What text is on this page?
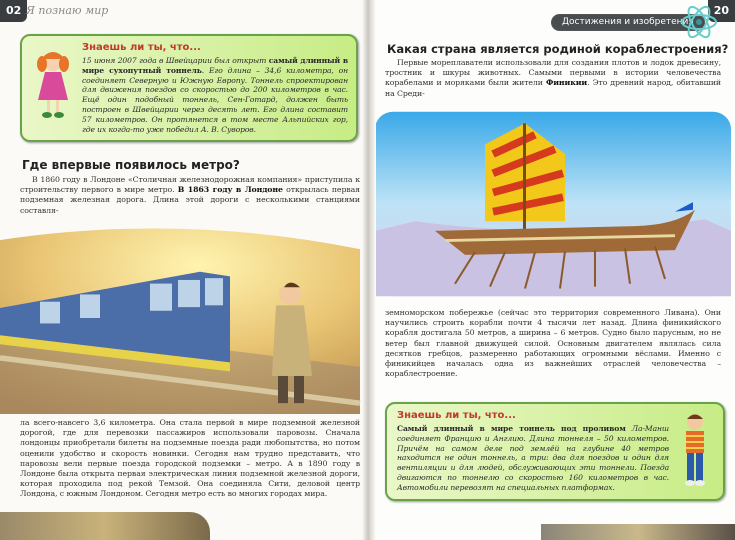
02 Я познаю мир
Знаешь ли ты, что...

15 июня 2007 года в Швейцарии был открыт самый длинный в мире сухопутный тоннель. Его длина – 34,6 километра, он соединяет Северную и Южную Европу. Тоннель спроектирован для движения поездов со скоростью до 200 километров в час. Ещё один подобный тоннель, Сен-Готард, должен быть построен в Швейцарии через десять лет. Его длина составит 57 километров. Он протянется в том месте Альпийских гор, где их когда-то уже победил А. В. Суворов.

Где впервые появилось метро?
В 1860 году в Лондоне «Столичная железнодорожная компания» приступила к строительству первого в мире метро. В 1863 году в Лондоне открылась первая подземная железная дорога. Длина этой дороги с несколькими станциями составля-
ла всего-навсего 3,6 километра. Она стала первой в мире подземной железной дорогой, где для перевозки пассажиров использовали паровозы. Сначала лондонцы приобретали билеты на подземные поезда ради любопытства, но потом оценили удобство и скорость новинки. Сегодня нам трудно представить, что паровозы вели первые поезда городской подземки – метро. А в 1890 году в Лондоне была открыта первая электрическая линия подземной железной дороги, которая проходила под рекой Темзой. Она соединяла Сити, деловой центр Лондона, с южным Лондоном. Сегодня метро есть во многих городах мира.
20
Достижения и изобретения
Какая страна является родиной кораблестроения?
Первые мореплаватели использовали для создания плотов и лодок древесину, тростник и шкуры животных. Самыми первыми в истории человечества корабелами и моряками были жители Финикии. Это древний народ, обитавший на Среди-
земноморском побережье (сейчас это территория современного Ливана). Они научились строить корабли почти 4 тысячи лет назад. Длина финикийского корабля достигала 50 метров, а ширина – 6 метров. Судно было парусным, но не ветер был главной движущей силой. Основным двигателем являлась сила десятков гребцов, размеренно работающих огромными вёслами. Именно с финикийцев началась одна из важнейших отраслей человечества – кораблестроение.
Знаешь ли ты, что...

Самый длинный в мире тоннель под проливом Ла-Манш соединяет Францию и Англию. Длина тоннеля – 50 километров. Причём на самом деле под землёй на глубине 40 метров находится не один тоннель, а три: два для поездов и один для вентиляции и для людей, обслуживающих эти тоннели. Поезда двигаются по тоннелю со скоростью 160 километров в час. Автомобили перевозят на специальных платформах.
